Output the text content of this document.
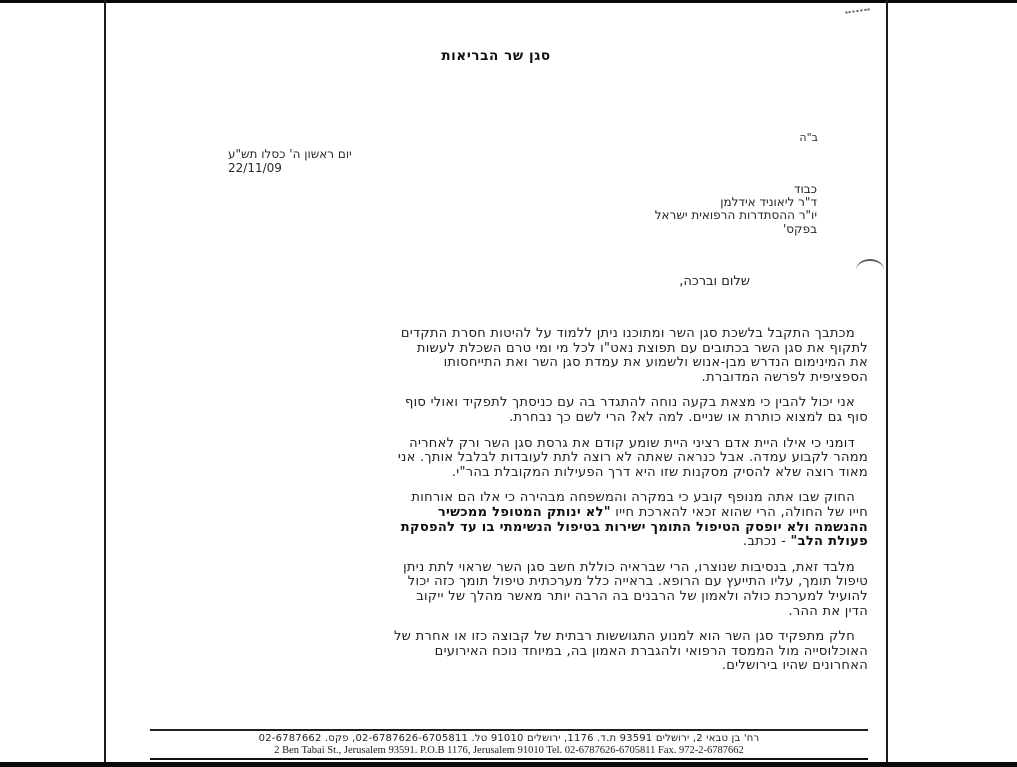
סגן שר הבריאות
ב"ה
יום ראשון ה' כסלו תש"ע
22/11/09
כבוד
ד"ר ליאוניד אידלמן
יו"ר ההסתדרות הרפואית ישראל
בפקס'
שלום וברכה,
מכתבך התקבל בלשכת סגן השר ומתוכנו ניתן ללמוד על להיטות חסרת התקדים
לתקוף את סגן השר בכתובים עם תפוצת נאט"ו לכל מי ומי טרם השכלת לעשות
את המינימום הנדרש מבן-אנוש ולשמוע את עמדת סגן השר ואת התייחסותו
הספציפית לפרשה המדוברת.
אני יכול להבין כי מצאת בקעה נוחה להתגדר בה עם כניסתך לתפקיד ואולי סוף
סוף גם למצוא כותרת או שניים. למה לא? הרי לשם כך נבחרת.
דומני כי אילו היית אדם רציני היית שומע קודם את גרסת סגן השר ורק לאחריה
ממהר לקבוע עמדה. אבל כנראה שאתה לא רוצה לתת לעובדות לבלבל אותך. אני
מאוד רוצה שלא להסיק מסקנות שזו היא דרך הפעילות המקובלת בהר"י.
החוק שבו אתה מנופף קובע כי במקרה והמשפחה מבהירה כי אלו הם אורחות
חייו של החולה, הרי שהוא זכאי להארכת חייו "לא ינותק המטופל ממכשיר
ההנשמה ולא יופסק הטיפול התומך ישירות בטיפול הנשימתי בו עד להפסקת
פעולת הלב" - נכתב.
מלבד זאת, בנסיבות שנוצרו, הרי שבראיה כוללת חשב סגן השר שראוי לתת ניתן
טיפול תומך, עליו התייעץ עם הרופא. בראייה כלל מערכתית טיפול תומך כזה יכול
להועיל למערכת כולה ולאמון של הרבנים בה הרבה יותר מאשר מהלך של ייקוב
הדין את ההר.
חלק מתפקיד סגן השר הוא למנוע התגוששות רבתית של קבוצה כזו או אחרת של
האוכלוסייה מול הממסד הרפואי ולהגברת האמון בה, במיוחד נוכח האירועים
האחרונים שהיו בירושלים.
רח' בן טבאי 2, ירושלים 93591 ת.ד. 1176, ירושלים 91010 טל. 02-6787626-6705811, פקס. 02-6787662
2 Ben Tabai St., Jerusalem 93591. P.O.B 1176, Jerusalem 91010 Tel. 02-6787626-6705811 Fax. 972-2-6787662
